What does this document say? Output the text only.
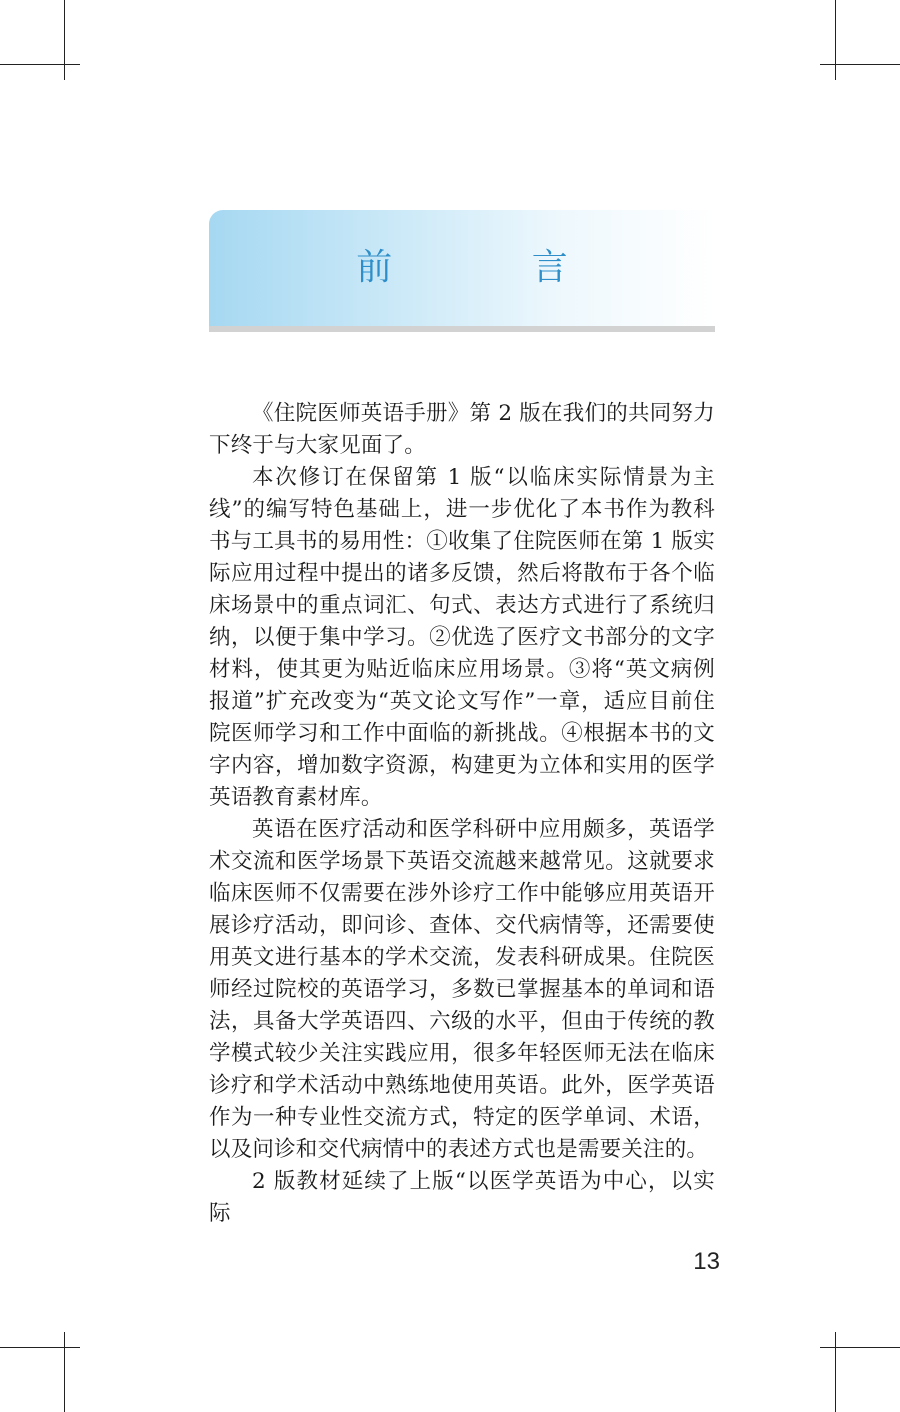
前 言

《住院医师英语手册》第 2 版在我们的共同努力下终于与大家见面了。

本次修订在保留第 1 版“以临床实际情景为主线”的编写特色基础上，进一步优化了本书作为教科书与工具书的易用性：①收集了住院医师在第 1 版实际应用过程中提出的诸多反馈，然后将散布于各个临床场景中的重点词汇、句式、表达方式进行了系统归纳，以便于集中学习。②优选了医疗文书部分的文字材料，使其更为贴近临床应用场景。③将“英文病例报道”扩充改变为“英文论文写作”一章，适应目前住院医师学习和工作中面临的新挑战。④根据本书的文字内容，增加数字资源，构建更为立体和实用的医学英语教育素材库。

英语在医疗活动和医学科研中应用颇多，英语学术交流和医学场景下英语交流越来越常见。这就要求临床医师不仅需要在涉外诊疗工作中能够应用英语开展诊疗活动，即问诊、查体、交代病情等，还需要使用英文进行基本的学术交流，发表科研成果。住院医师经过院校的英语学习，多数已掌握基本的单词和语法，具备大学英语四、六级的水平，但由于传统的教学模式较少关注实践应用，很多年轻医师无法在临床诊疗和学术活动中熟练地使用英语。此外，医学英语作为一种专业性交流方式，特定的医学单词、术语，以及问诊和交代病情中的表述方式也是需要关注的。

2 版教材延续了上版“以医学英语为中心，以实际

13
